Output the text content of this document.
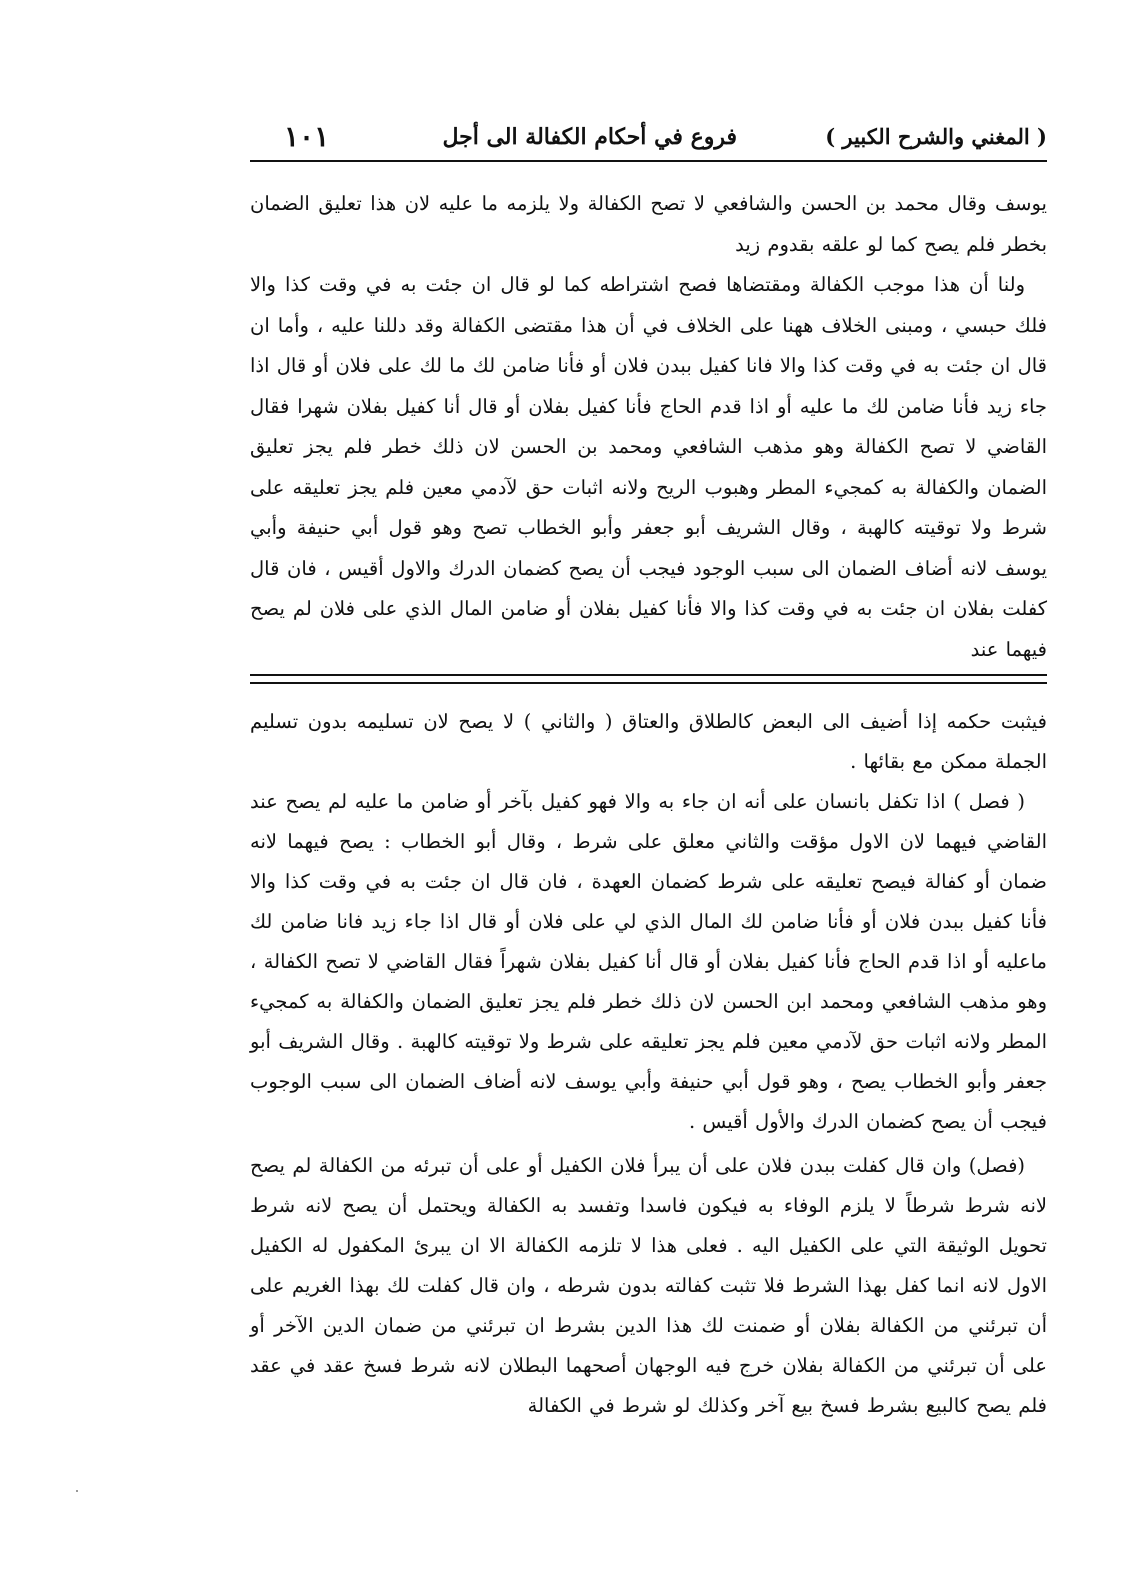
( المغني والشرح الكبير )
فروع في أحكام الكفالة الى أجل
١٠١

يوسف وقال محمد بن الحسن والشافعي لا تصح الكفالة ولا يلزمه ما عليه لان هذا تعليق الضمان بخطر فلم يصح كما لو علقه بقدوم زيد

ولنا أن هذا موجب الكفالة ومقتضاها فصح اشتراطه كما لو قال ان جئت به في وقت كذا والا فلك حبسي ، ومبنى الخلاف ههنا على الخلاف في أن هذا مقتضى الكفالة وقد دللنا عليه ، وأما ان قال ان جئت به في وقت كذا والا فانا كفيل ببدن فلان أو فأنا ضامن لك ما لك على فلان أو قال اذا جاء زيد فأنا ضامن لك ما عليه أو اذا قدم الحاج فأنا كفيل بفلان أو قال أنا كفيل بفلان شهرا فقال القاضي لا تصح الكفالة وهو مذهب الشافعي ومحمد بن الحسن لان ذلك خطر فلم يجز تعليق الضمان والكفالة به كمجيء المطر وهبوب الريح ولانه اثبات حق لآدمي معين فلم يجز تعليقه على شرط ولا توقيته كالهبة ، وقال الشريف أبو جعفر وأبو الخطاب تصح وهو قول أبي حنيفة وأبي يوسف لانه أضاف الضمان الى سبب الوجود فيجب أن يصح كضمان الدرك والاول أقيس ، فان قال كفلت بفلان ان جئت به في وقت كذا والا فأنا كفيل بفلان أو ضامن المال الذي على فلان لم يصح فيهما عند

فيثبت حكمه إذا أضيف الى البعض كالطلاق والعتاق ( والثاني ) لا يصح لان تسليمه بدون تسليم الجملة ممكن مع بقائها .

( فصل ) اذا تكفل بانسان على أنه ان جاء به والا فهو كفيل بآخر أو ضامن ما عليه لم يصح عند القاضي فيهما لان الاول مؤقت والثاني معلق على شرط ، وقال أبو الخطاب : يصح فيهما لانه ضمان أو كفالة فيصح تعليقه على شرط كضمان العهدة ، فان قال ان جئت به في وقت كذا والا فأنا كفيل ببدن فلان أو فأنا ضامن لك المال الذي لي على فلان أو قال اذا جاء زيد فانا ضامن لك ماعليه أو اذا قدم الحاج فأنا كفيل بفلان أو قال أنا كفيل بفلان شهراً فقال القاضي لا تصح الكفالة ، وهو مذهب الشافعي ومحمد ابن الحسن لان ذلك خطر فلم يجز تعليق الضمان والكفالة به كمجيء المطر ولانه اثبات حق لآدمي معين فلم يجز تعليقه على شرط ولا توقيته كالهبة . وقال الشريف أبو جعفر وأبو الخطاب يصح ، وهو قول أبي حنيفة وأبي يوسف لانه أضاف الضمان الى سبب الوجوب فيجب أن يصح كضمان الدرك والأول أقيس .

(فصل) وان قال كفلت ببدن فلان على أن يبرأ فلان الكفيل أو على أن تبرئه من الكفالة لم يصح لانه شرط شرطاً لا يلزم الوفاء به فيكون فاسدا وتفسد به الكفالة ويحتمل أن يصح لانه شرط تحويل الوثيقة التي على الكفيل اليه . فعلى هذا لا تلزمه الكفالة الا ان يبرئ المكفول له الكفيل الاول لانه انما كفل بهذا الشرط فلا تثبت كفالته بدون شرطه ، وان قال كفلت لك بهذا الغريم على أن تبرئني من الكفالة بفلان أو ضمنت لك هذا الدين بشرط ان تبرئني من ضمان الدين الآخر أو على أن تبرئني من الكفالة بفلان خرج فيه الوجهان أصحهما البطلان لانه شرط فسخ عقد في عقد فلم يصح كالبيع بشرط فسخ بيع آخر وكذلك لو شرط في الكفالة
